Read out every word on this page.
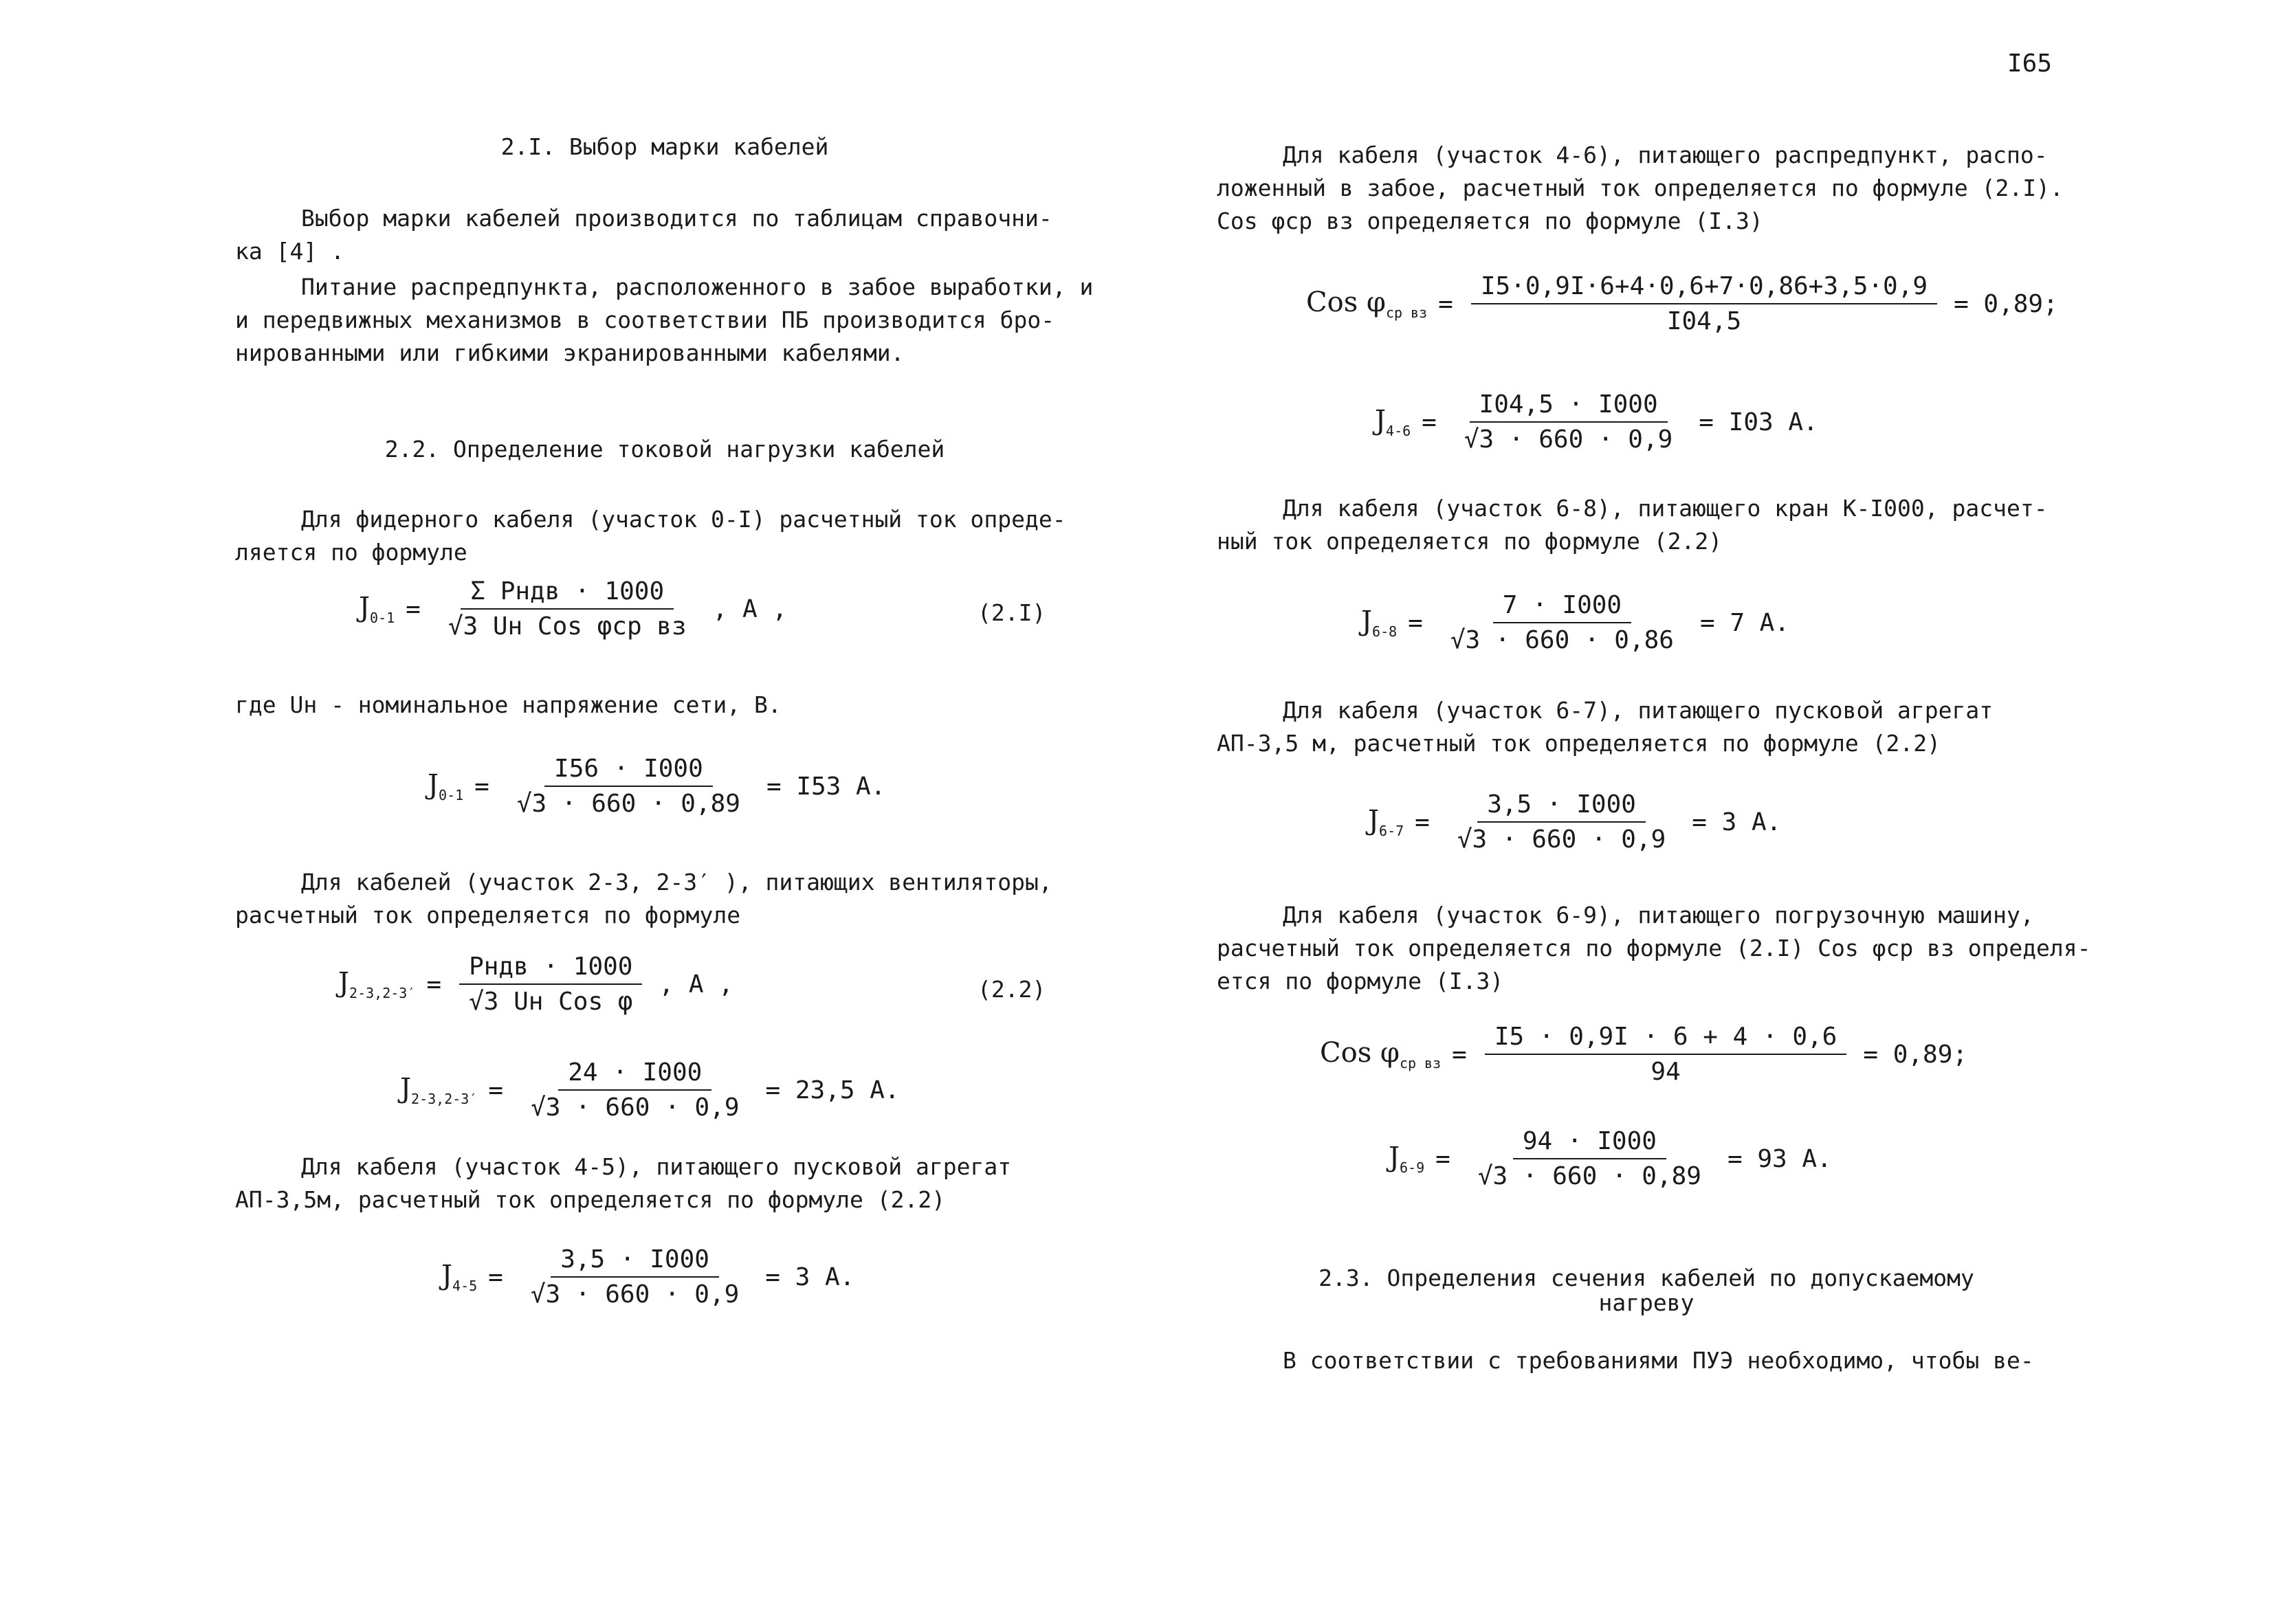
I65
2.I. Выбор марки кабелей
Выбор марки кабелей производится по таблицам справочни-
ка [4] .
Питание распредпункта, расположенного в забое выработки, и
и передвижных механизмов в соответствии ПБ производится бро-
нированными или гибкими экранированными кабелями.
2.2. Определение токовой нагрузки кабелей
Для фидерного кабеля (участок 0-I) расчетный ток опреде-
ляется по формуле
$J_{0-1} = \frac{\text{Σ Pндв · 1000}}{\text{√3 Uн Cos φср вз}}$ , A ,	(2.I)
где Uн - номинальное напряжение сети, В.
$J_{0-1} = \frac{I56 \cdot I000}{√3 \cdot 660 \cdot 0,89} = I53$ A.
Для кабелей (участок 2-3, 2-3′ ), питающих вентиляторы,
расчетный ток определяется по формуле
$J_{2-3,2-3'} = \frac{\text{Pндв · 1000}}{\text{√3 Uн Cos φ}}$ , A ,	(2.2)
$J_{2-3,2-3'} = \frac{24 \cdot I000}{√3 \cdot 660 \cdot 0,9} = 23,5$ A.
Для кабеля (участок 4-5), питающего пусковой агрегат
АП-3,5м, расчетный ток определяется по формуле (2.2)
$J_{4-5} = \frac{3,5 \cdot I000}{√3 \cdot 660 \cdot 0,9} = 3$ A.
Для кабеля (участок 4-6), питающего распредпункт, распо-
ложенный в забое, расчетный ток определяется по формуле (2.I).
Cos φср вз определяется по формуле (I.3)
Cos $\varphi_{ср вз} = \frac{I5\cdot 0,9I\cdot 6+4\cdot 0,6+7\cdot 0,86+3,5\cdot 0,9}{I04,5} = 0,89$;
$J_{4-6} = \frac{I04,5 \cdot I000}{√3 \cdot 660 \cdot 0,9} = I03$ A.
Для кабеля (участок 6-8), питающего кран К-I000, расчет-
ный ток определяется по формуле (2.2)
$J_{6-8} = \frac{7 \cdot I000}{√3 \cdot 660 \cdot 0,86} = 7$ A.
Для кабеля (участок 6-7), питающего пусковой агрегат
АП-3,5 м, расчетный ток определяется по формуле (2.2)
$J_{6-7} = \frac{3,5 \cdot I000}{√3 \cdot 660 \cdot 0,9} = 3$ A.
Для кабеля (участок 6-9), питающего погрузочную машину,
расчетный ток определяется по формуле (2.I) Cos φср вз определя-
ется по формуле (I.3)
Cos $\varphi_{ср вз} = \frac{I5 \cdot 0,9I \cdot 6 + 4 \cdot 0,6}{94} = 0,89$;
$J_{6-9} = \frac{94 \cdot I000}{√3 \cdot 660 \cdot 0,89} = 93$ A.
2.3. Определения сечения кабелей по допускаемому
нагреву
В соответствии с требованиями ПУЭ необходимо, чтобы ве-
